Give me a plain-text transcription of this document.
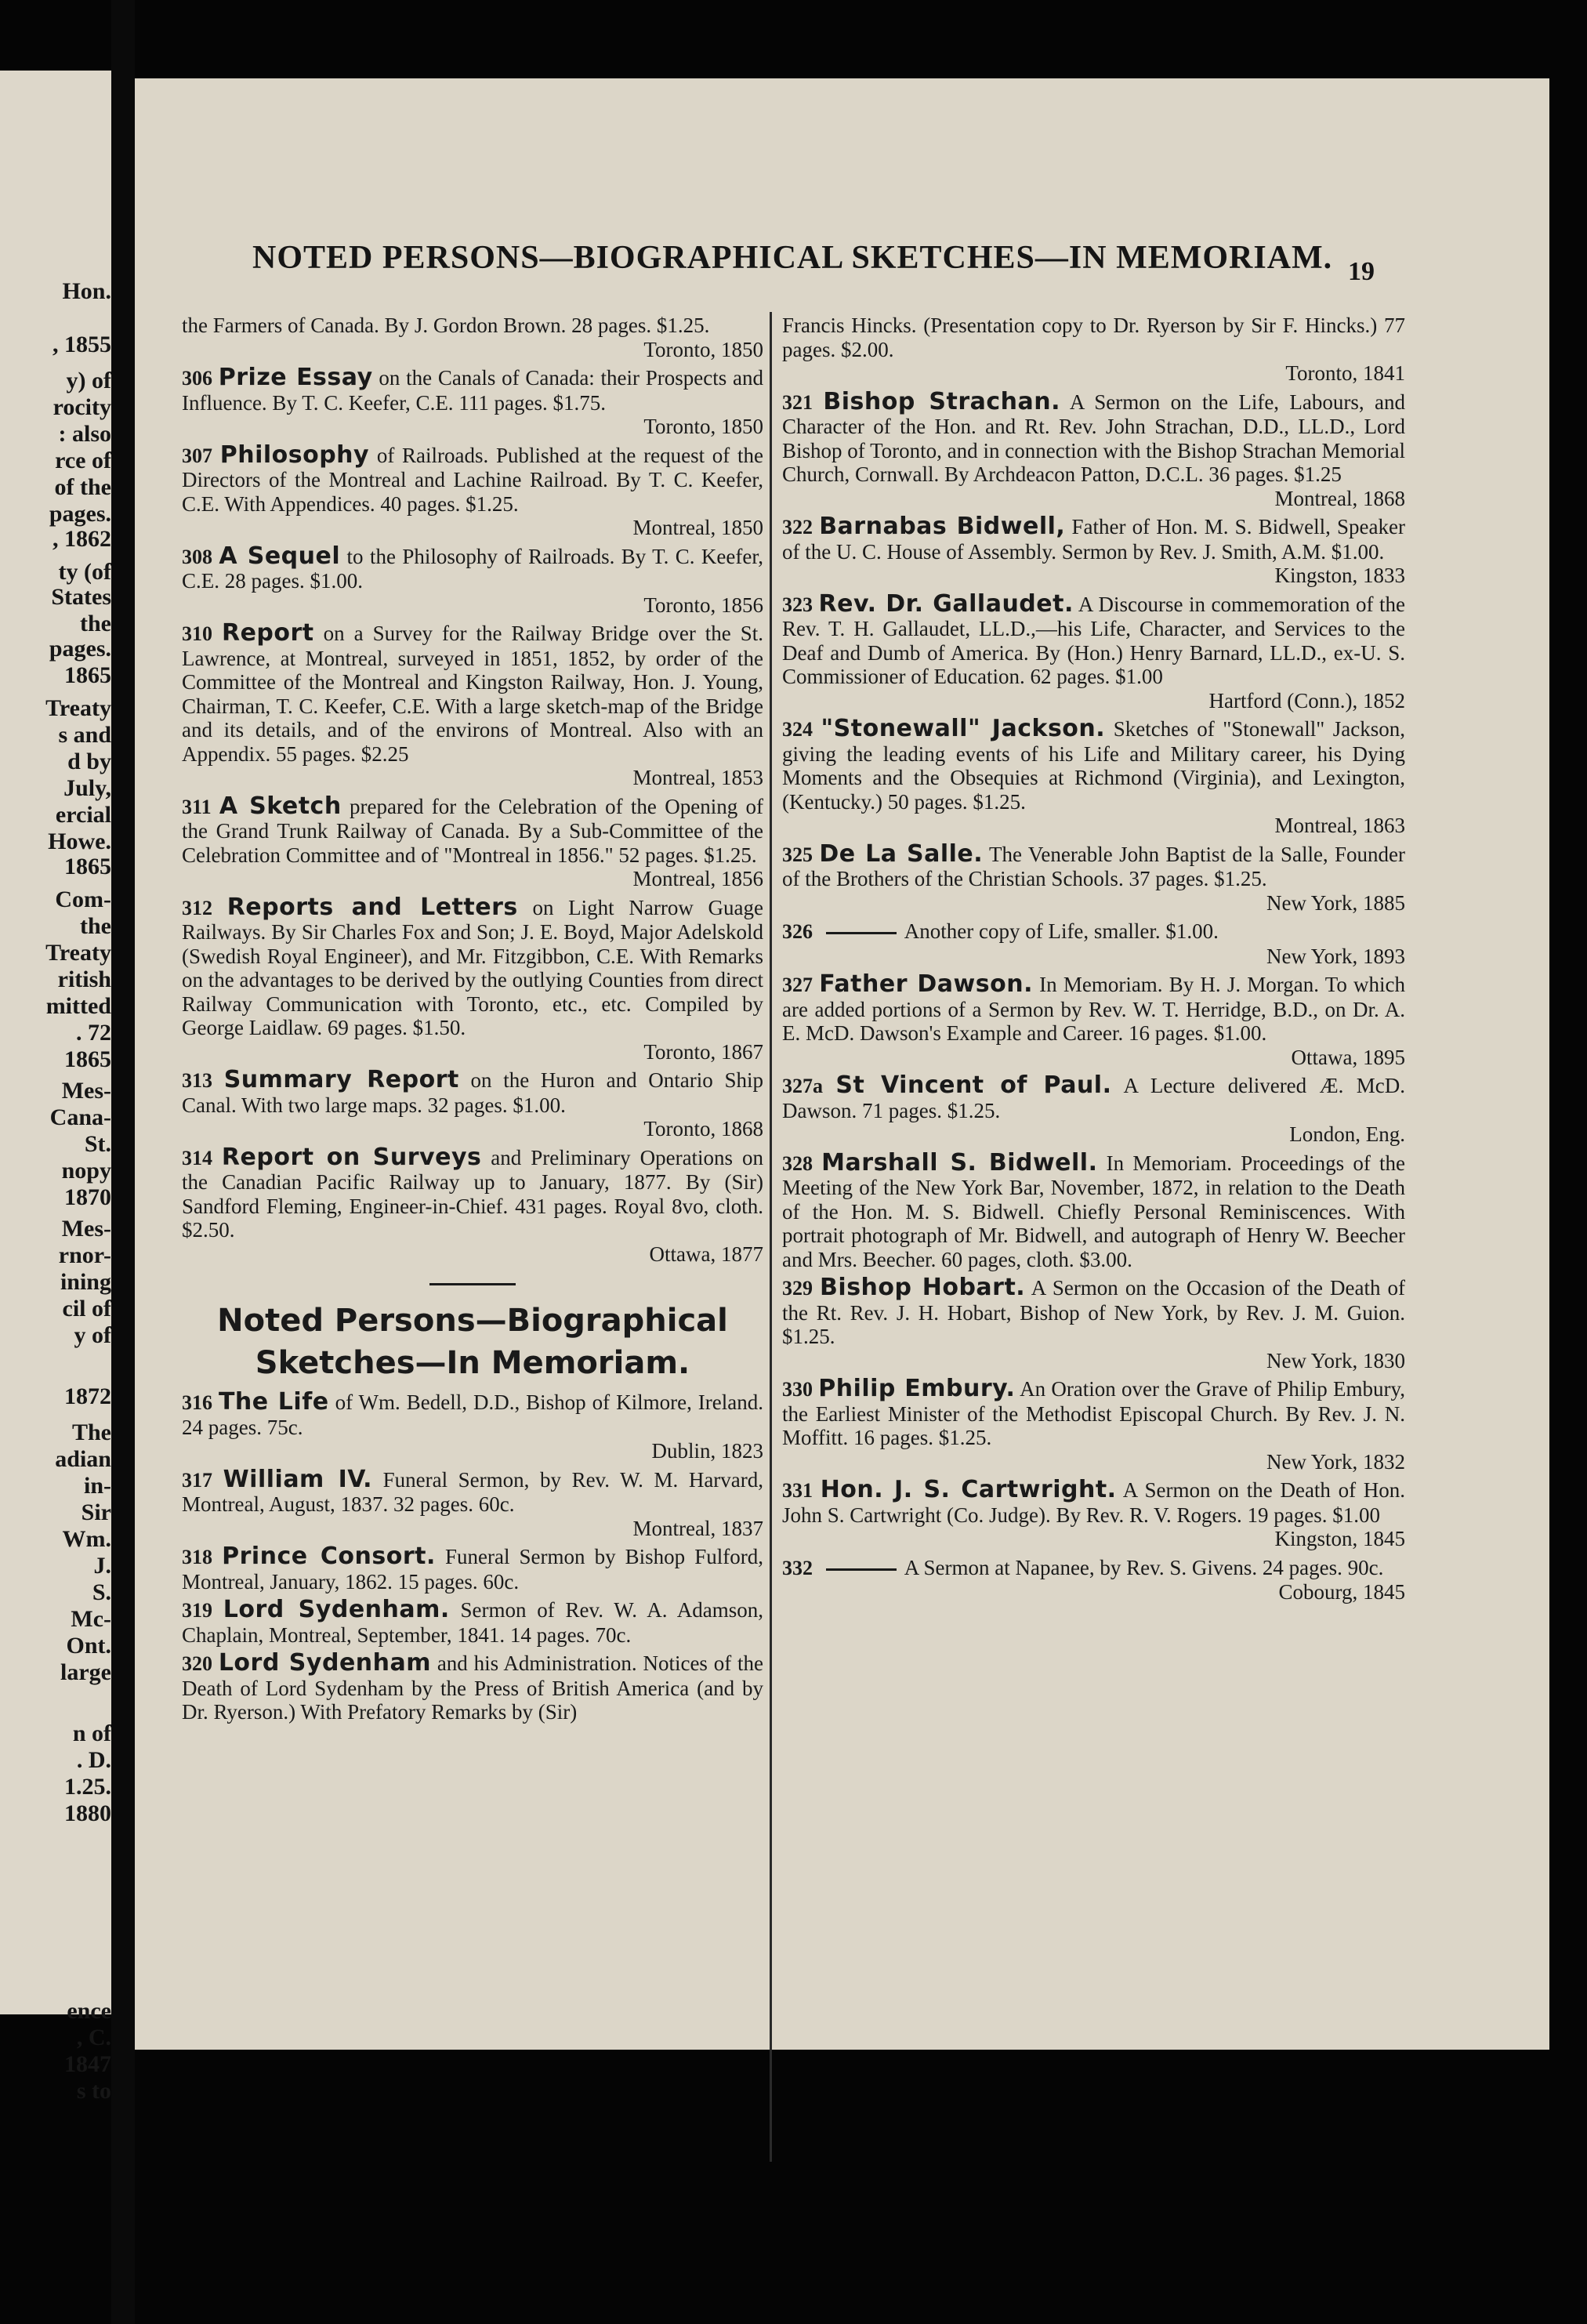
NOTED PERSONS—BIOGRAPHICAL SKETCHES—IN MEMORIAM. 19
the Farmers of Canada. By J. Gordon Brown. 28 pages. $1.25.
Toronto, 1850
306 Prize Essay on the Canals of Canada: their Prospects and Influence. By T. C. Keefer, C.E. 111 pages. $1.75.
Toronto, 1850
307 Philosophy of Railroads. Published at the request of the Directors of the Montreal and Lachine Railroad. By T. C. Keefer, C.E. With Appendices. 40 pages. $1.25.
Montreal, 1850
308 A Sequel to the Philosophy of Railroads. By T. C. Keefer, C.E. 28 pages. $1.00.
Toronto, 1856
310 Report on a Survey for the Railway Bridge over the St. Lawrence, at Montreal, surveyed in 1851, 1852, by order of the Committee of the Montreal and Kingston Railway, Hon. J. Young, Chairman, T. C. Keefer, C.E. With a large sketch-map of the Bridge and its details, and of the environs of Montreal. Also with an Appendix. 55 pages. $2.25
Montreal, 1853
311 A Sketch prepared for the Celebration of the Opening of the Grand Trunk Railway of Canada. By a Sub-Committee of the Celebration Committee and of "Montreal in 1856." 52 pages. $1.25.
Montreal, 1856
312 Reports and Letters on Light Narrow Guage Railways. By Sir Charles Fox and Son; J. E. Boyd, Major Adelskold (Swedish Royal Engineer), and Mr. Fitzgibbon, C.E. With Remarks on the advantages to be derived by the outlying Counties from direct Railway Communication with Toronto, etc., etc. Compiled by George Laidlaw. 69 pages. $1.50.
Toronto, 1867
313 Summary Report on the Huron and Ontario Ship Canal. With two large maps. 32 pages. $1.00.
Toronto, 1868
314 Report on Surveys and Preliminary Operations on the Canadian Pacific Railway up to January, 1877. By (Sir) Sandford Fleming, Engineer-in-Chief. 431 pages. Royal 8vo, cloth. $2.50.
Ottawa, 1877
Noted Persons—Biographical
Sketches—In Memoriam.
316 The Life of Wm. Bedell, D.D., Bishop of Kilmore, Ireland. 24 pages. 75c.
Dublin, 1823
317 William IV. Funeral Sermon, by Rev. W. M. Harvard, Montreal, August, 1837. 32 pages. 60c.
Montreal, 1837
318 Prince Consort. Funeral Sermon by Bishop Fulford, Montreal, January, 1862. 15 pages. 60c.
319 Lord Sydenham. Sermon of Rev. W. A. Adamson, Chaplain, Montreal, September, 1841. 14 pages. 70c.
320 Lord Sydenham and his Administration. Notices of the Death of Lord Sydenham by the Press of British America (and by Dr. Ryerson.) With Prefatory Remarks by (Sir)
Francis Hincks. (Presentation copy to Dr. Ryerson by Sir F. Hincks.) 77 pages. $2.00.
Toronto, 1841
321 Bishop Strachan. A Sermon on the Life, Labours, and Character of the Hon. and Rt. Rev. John Strachan, D.D., LL.D., Lord Bishop of Toronto, and in connection with the Bishop Strachan Memorial Church, Cornwall. By Archdeacon Patton, D.C.L. 36 pages. $1.25
Montreal, 1868
322 Barnabas Bidwell, Father of Hon. M. S. Bidwell, Speaker of the U. C. House of Assembly. Sermon by Rev. J. Smith, A.M. $1.00.
Kingston, 1833
323 Rev. Dr. Gallaudet. A Discourse in commemoration of the Rev. T. H. Gallaudet, LL.D.,—his Life, Character, and Services to the Deaf and Dumb of America. By (Hon.) Henry Barnard, LL.D., ex-U. S. Commissioner of Education. 62 pages. $1.00
Hartford (Conn.), 1852
324 "Stonewall" Jackson. Sketches of "Stonewall" Jackson, giving the leading events of his Life and Military career, his Dying Moments and the Obsequies at Richmond (Virginia), and Lexington, (Kentucky.) 50 pages. $1.25.
Montreal, 1863
325 De La Salle. The Venerable John Baptist de la Salle, Founder of the Brothers of the Christian Schools. 37 pages. $1.25.
New York, 1885
326	Another copy of Life, smaller. $1.00.
New York, 1893
327 Father Dawson. In Memoriam. By H. J. Morgan. To which are added portions of a Sermon by Rev. W. T. Herridge, B.D., on Dr. A. E. McD. Dawson's Example and Career. 16 pages. $1.00.
Ottawa, 1895
327a St Vincent of Paul. A Lecture delivered Æ. McD. Dawson. 71 pages. $1.25.
London, Eng.
328 Marshall S. Bidwell. In Memoriam. Proceedings of the Meeting of the New York Bar, November, 1872, in relation to the Death of the Hon. M. S. Bidwell. Chiefly Personal Reminiscences. With portrait photograph of Mr. Bidwell, and autograph of Henry W. Beecher and Mrs. Beecher. 60 pages, cloth. $3.00.
329 Bishop Hobart. A Sermon on the Occasion of the Death of the Rt. Rev. J. H. Hobart, Bishop of New York, by Rev. J. M. Guion. $1.25.
New York, 1830
330 Philip Embury. An Oration over the Grave of Philip Embury, the Earliest Minister of the Methodist Episcopal Church. By Rev. J. N. Moffitt. 16 pages. $1.25.
New York, 1832
331 Hon. J. S. Cartwright. A Sermon on the Death of Hon. John S. Cartwright (Co. Judge). By Rev. R. V. Rogers. 19 pages. $1.00
Kingston, 1845
332	A Sermon at Napanee, by Rev. S. Givens. 24 pages. 90c.
Cobourg, 1845
Hon.
, 1855
y) of
rocity
: also
rce of
of the
pages.
, 1862
ty (of
States
the
pages.
1865
Treaty
s and
d by
July,
ercial
Howe.
1865
Com-
the
Treaty
ritish
mitted
. 72
1865
Mes-
Cana-
St.
nopy
1870
Mes-
rnor-
ining
cil of
y of
1872
The
adian
in-
Sir
Wm.
J.
S.
Mc-
Ont.
large
n of
. D.
1.25.
1880
ence
, C.
1847
s to
